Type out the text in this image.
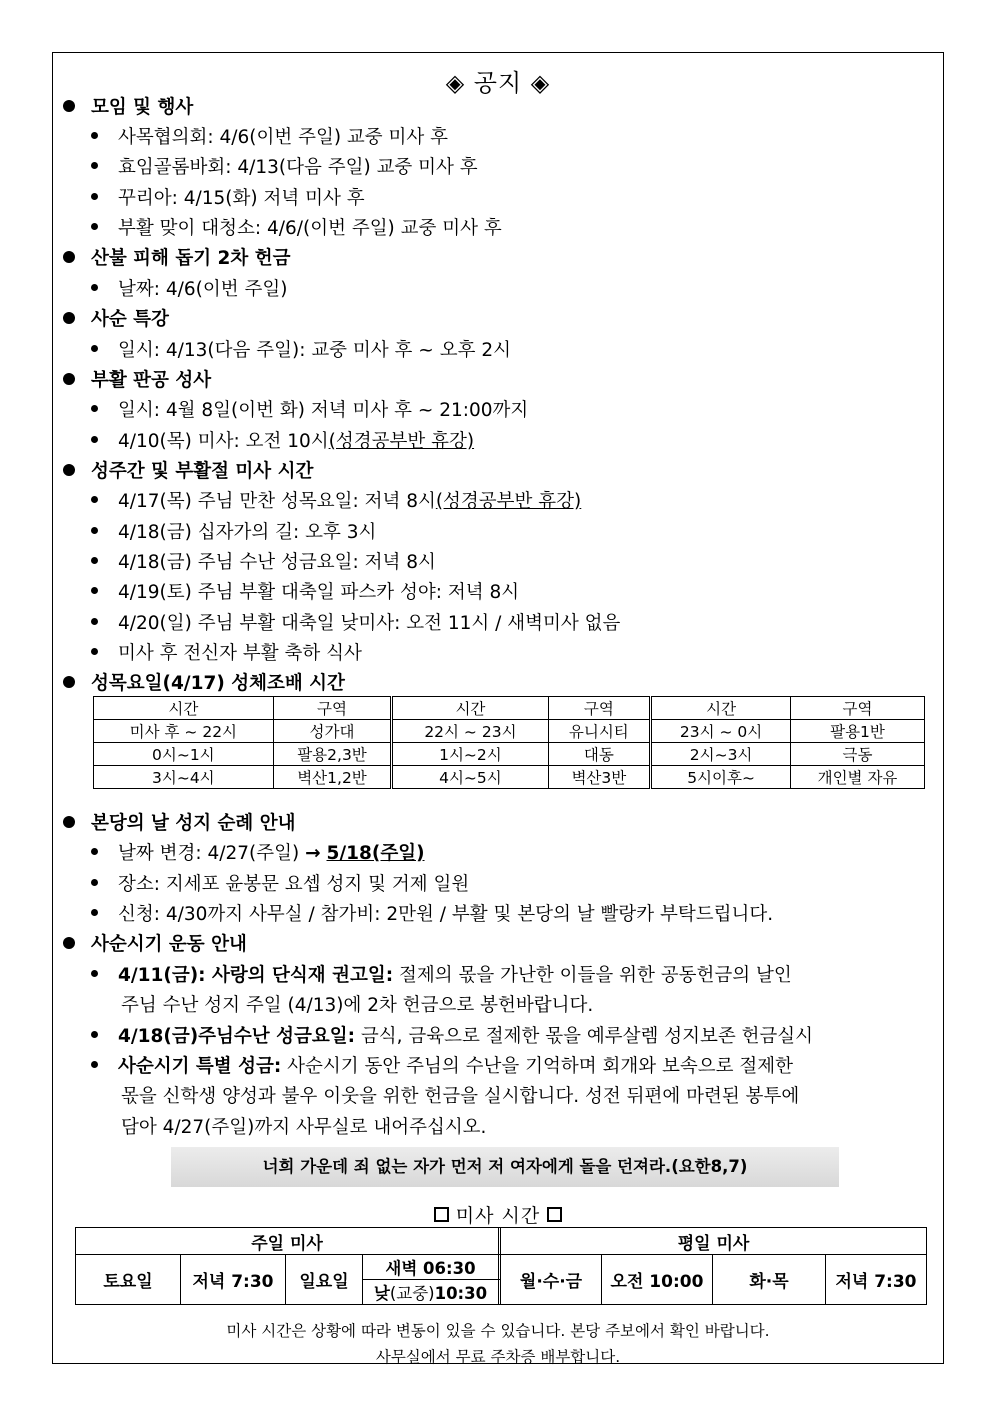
◈ 공지 ◈
모임 및 행사
사목협의회: 4/6(이번 주일) 교중 미사 후
효임골롬바회: 4/13(다음 주일) 교중 미사 후
꾸리아: 4/15(화) 저녁 미사 후
부활 맞이 대청소: 4/6/(이번 주일) 교중 미사 후
산불 피해 돕기 2차 헌금
날짜: 4/6(이번 주일)
사순 특강
일시: 4/13(다음 주일): 교중 미사 후 ~ 오후 2시
부활 판공 성사
일시: 4월 8일(이번 화) 저녁 미사 후 ~ 21:00까지
4/10(목) 미사: 오전 10시(성경공부반 휴강)
성주간 및 부활절 미사 시간
4/17(목) 주님 만찬 성목요일: 저녁 8시(성경공부반 휴강)
4/18(금) 십자가의 길: 오후 3시
4/18(금) 주님 수난 성금요일: 저녁 8시
4/19(토) 주님 부활 대축일 파스카 성야: 저녁 8시
4/20(일) 주님 부활 대축일 낮미사: 오전 11시 / 새벽미사 없음
미사 후 전신자 부활 축하 식사
성목요일(4/17) 성체조배 시간
시간	구역	시간	구역	시간	구역
미사 후 ~ 22시	성가대	22시 ~ 23시	유니시티	23시 ~ 0시	팔용1반
0시~1시	팔용2,3반	1시~2시	대동	2시~3시	극동
3시~4시	벽산1,2반	4시~5시	벽산3반	5시이후~	개인별 자유
본당의 날 성지 순례 안내
날짜 변경: 4/27(주일) → 5/18(주일)
장소: 지세포 윤봉문 요셉 성지 및 거제 일원
신청: 4/30까지 사무실 / 참가비: 2만원 / 부활 및 본당의 날 빨랑카 부탁드립니다.
사순시기 운동 안내
4/11(금): 사랑의 단식재 권고일: 절제의 몫을 가난한 이들을 위한 공동헌금의 날인
주님 수난 성지 주일 (4/13)에 2차 헌금으로 봉헌바랍니다.
4/18(금)주님수난 성금요일: 금식, 금육으로 절제한 몫을 예루살렘 성지보존 헌금실시
사순시기 특별 성금: 사순시기 동안 주님의 수난을 기억하며 회개와 보속으로 절제한
몫을 신학생 양성과 불우 이웃을 위한 헌금을 실시합니다. 성전 뒤편에 마련된 봉투에
담아 4/27(주일)까지 사무실로 내어주십시오.
너희 가운데 죄 없는 자가 먼저 저 여자에게 돌을 던져라.(요한8,7)
미사 시간
주일 미사				평일 미사			
토요일	저녁 7:30	일요일	새벽 06:30	월·수·금	오전 10:00	화·목	저녁 7:30
			낮(교중)10:30				
미사 시간은 상황에 따라 변동이 있을 수 있습니다. 본당 주보에서 확인 바랍니다.
사무실에서 무료 주차증 배부합니다.
